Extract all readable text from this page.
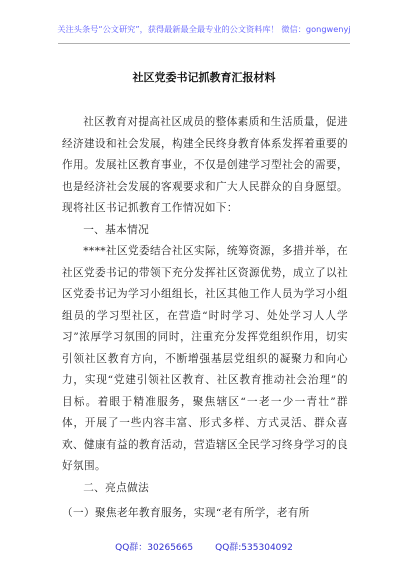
关注头条号“公文研究”，获得最新最全最专业的公文资料库！ 微信：gongwenyj
社区党委书记抓教育汇报材料

社区教育对提高社区成员的整体素质和生活质量，促进经济建设和社会发展，构建全民终身教育体系发挥着重要的作用。发展社区教育事业，不仅是创建学习型社会的需要，也是经济社会发展的客观要求和广大人民群众的自身愿望。现将社区书记抓教育工作情况如下：

一、基本情况

****社区党委结合社区实际，统筹资源，多措并举，在社区党委书记的带领下充分发挥社区资源优势，成立了以社区党委书记为学习小组组长，社区其他工作人员为学习小组组员的学习型社区，在营造“时时学习、处处学习人人学习”浓厚学习氛围的同时，注重充分发挥党组织作用，切实引领社区教育方向，不断增强基层党组织的凝聚力和向心力，实现“党建引领社区教育、社区教育推动社会治理”的目标。着眼于精准服务，聚焦辖区“一老一少一青壮”群体，开展了一些内容丰富、形式多样、方式灵活、群众喜欢、健康有益的教育活动，营造辖区全民学习终身学习的良好氛围。

二、亮点做法

（一）聚焦老年教育服务，实现“老有所学，老有所

QQ群：30265665 QQ群:535304092
